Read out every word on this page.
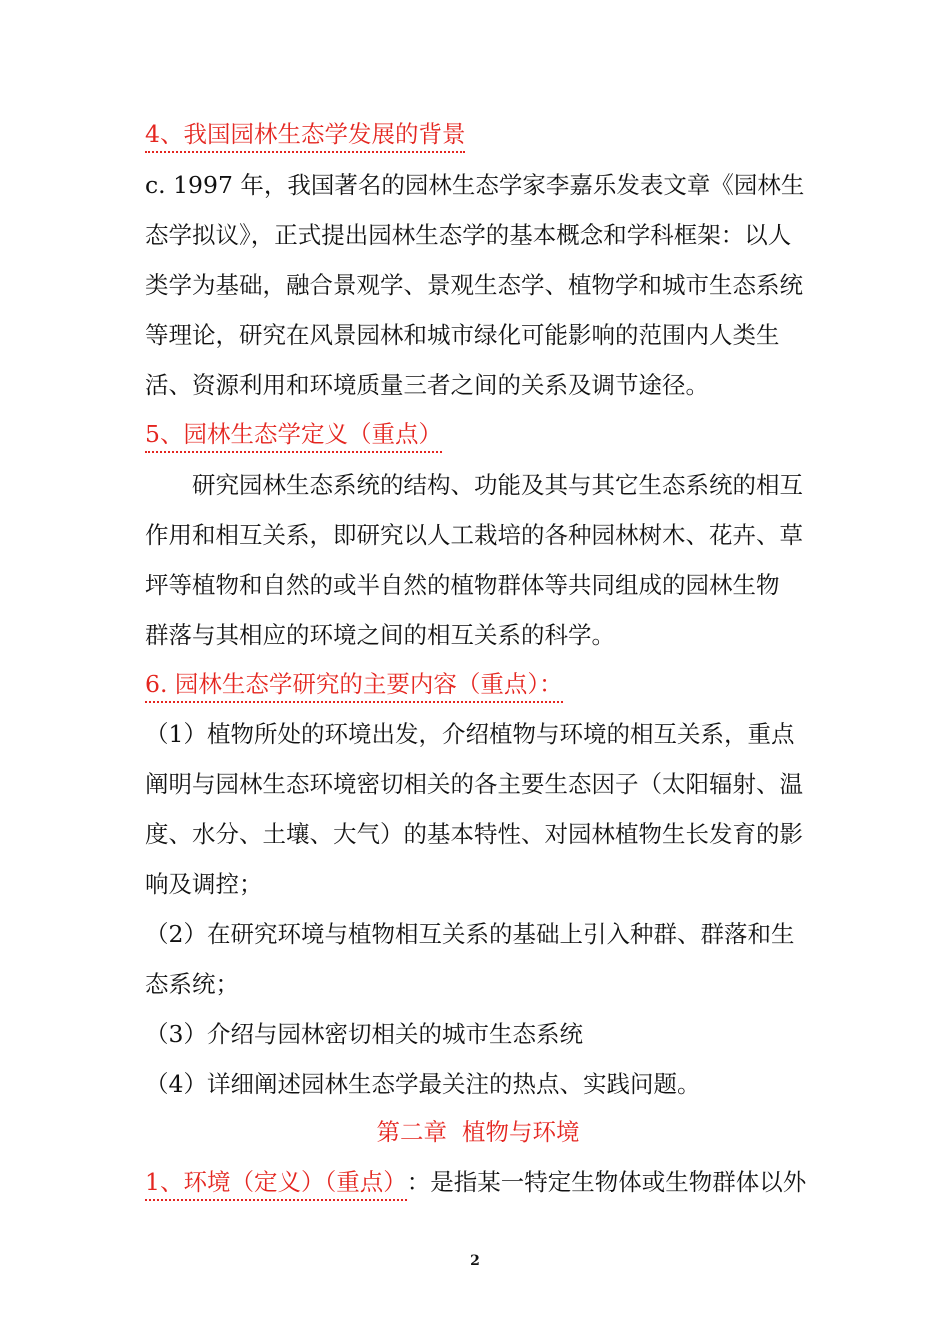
4、我国园林生态学发展的背景
c. 1997 年，我国著名的园林生态学家李嘉乐发表文章《园林生
态学拟议》，正式提出园林生态学的基本概念和学科框架：以人
类学为基础，融合景观学、景观生态学、植物学和城市生态系统
等理论，研究在风景园林和城市绿化可能影响的范围内人类生
活、资源利用和环境质量三者之间的关系及调节途径。
5、园林生态学定义（重点）
研究园林生态系统的结构、功能及其与其它生态系统的相互
作用和相互关系，即研究以人工栽培的各种园林树木、花卉、草
坪等植物和自然的或半自然的植物群体等共同组成的园林生物
群落与其相应的环境之间的相互关系的科学。
6. 园林生态学研究的主要内容（重点）：
（1）植物所处的环境出发，介绍植物与环境的相互关系，重点
阐明与园林生态环境密切相关的各主要生态因子（太阳辐射、温
度、水分、土壤、大气）的基本特性、对园林植物生长发育的影
响及调控；
（2）在研究环境与植物相互关系的基础上引入种群、群落和生
态系统；
（3）介绍与园林密切相关的城市生态系统
（4）详细阐述园林生态学最关注的热点、实践问题。
第二章  植物与环境
1、环境（定义）（重点）：是指某一特定生物体或生物群体以外
2
